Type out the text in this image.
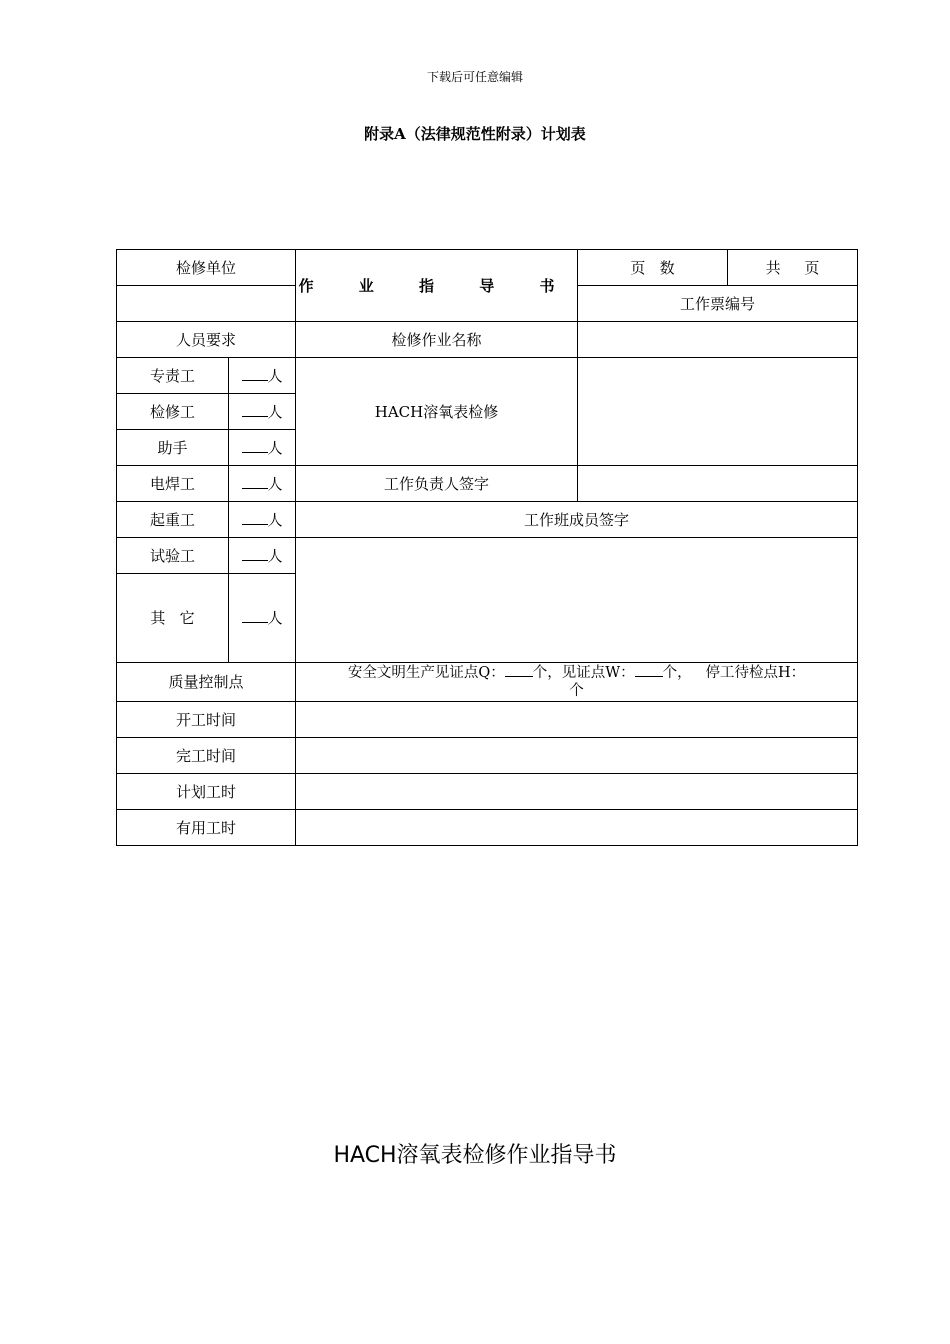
下载后可任意编辑
附录A（法律规范性附录）计划表
检修单位		作 业 指 导 书	页   数	共     页
			工作票编号	
人员要求		检修作业名称		
专责工	人	HACH溶氧表检修		
检修工	人			
助手	人			
电焊工	人	工作负责人签字		
起重工	人	工作班成员签字		
试验工	人			
其   它	人			
质量控制点		安全文明生产见证点Q： 个，见证点W： 个，   停工待检点H：
个		
开工时间				
完工时间				
计划工时				
有用工时				
HACH溶氧表检修作业指导书
